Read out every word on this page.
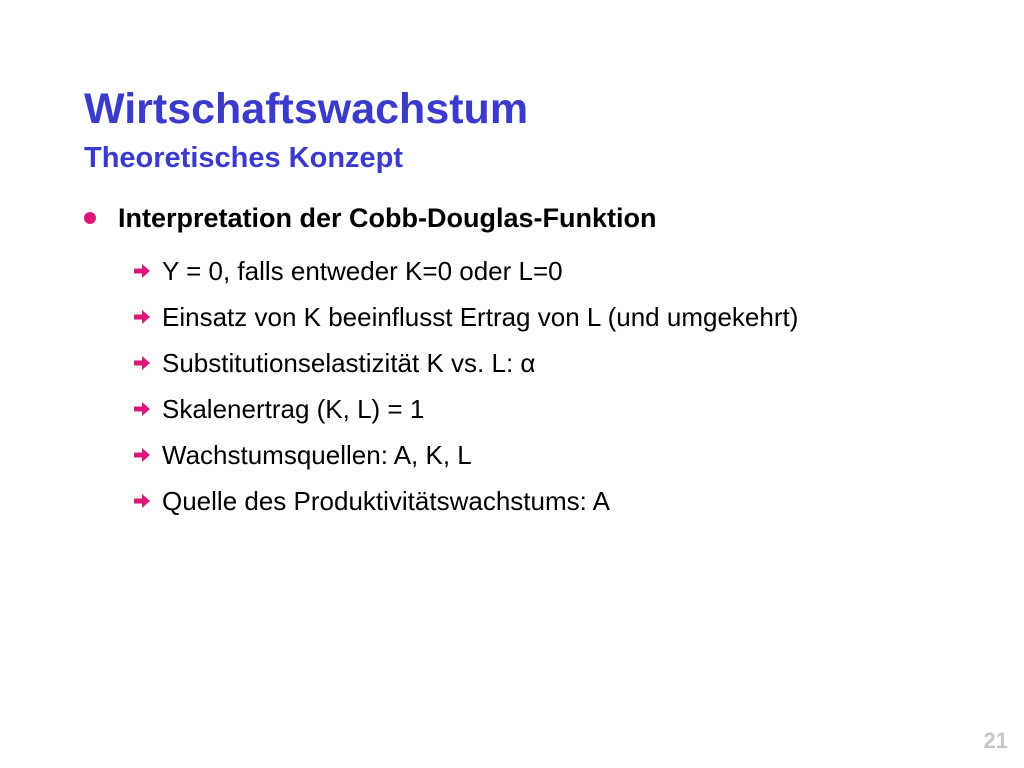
Wirtschaftswachstum
Theoretisches Konzept
Interpretation der Cobb-Douglas-Funktion
Y = 0, falls entweder K=0 oder L=0
Einsatz von K beeinflusst Ertrag von L (und umgekehrt)
Substitutionselastizität K vs. L: α
Skalenertrag (K, L) = 1
Wachstumsquellen: A, K, L
Quelle des Produktivitätswachstums: A
21
